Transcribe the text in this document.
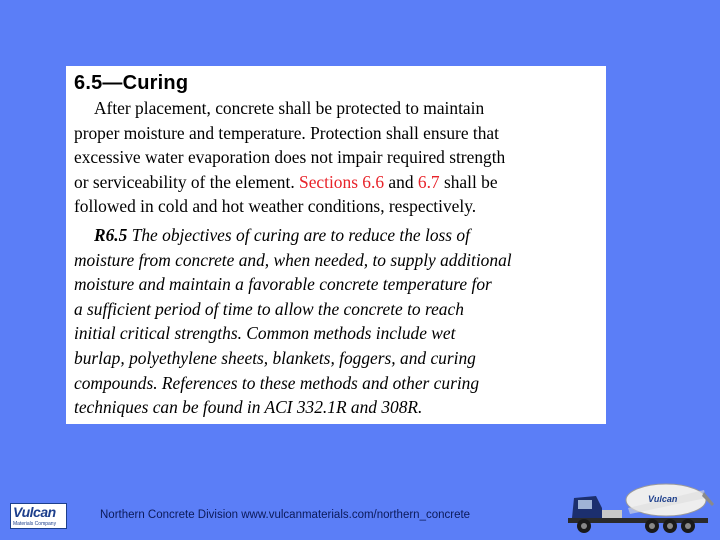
6.5—Curing

After placement, concrete shall be protected to maintain
proper moisture and temperature. Protection shall ensure that
excessive water evaporation does not impair required strength
or serviceability of the element. Sections 6.6 and 6.7 shall be
followed in cold and hot weather conditions, respectively.

R6.5 The objectives of curing are to reduce the loss of
moisture from concrete and, when needed, to supply additional
moisture and maintain a favorable concrete temperature for
a sufficient period of time to allow the concrete to reach
initial critical strengths. Common methods include wet
burlap, polyethylene sheets, blankets, foggers, and curing
compounds. References to these methods and other curing
techniques can be found in ACI 332.1R and 308R.

Vulcan
Materials Company
Northern Concrete Division www.vulcanmaterials.com/northern_concrete
Vulcan
